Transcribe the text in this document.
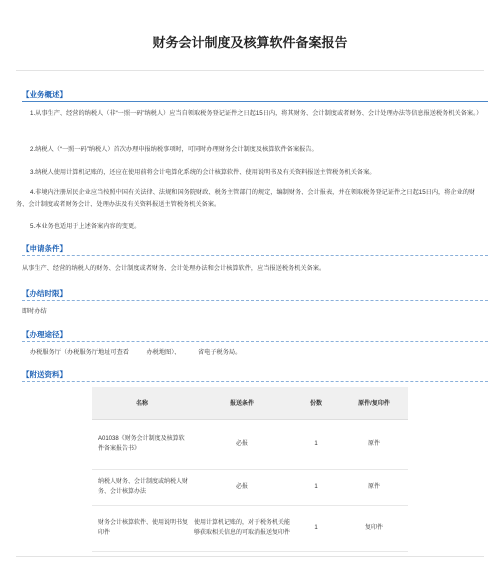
财务会计制度及核算软件备案报告
【业务概述】
1.从事生产、经营的纳税人（非“一照一码”纳税人）应当自领取税务登记证件之日起15日内，将其财务、会计制度或者财务、会计处理办法等信息报送税务机关备案。）
2.纳税人（“一照一码”纳税人）首次办理申报纳税事项时，可同时办理财务会计制度及核算软件备案报告。
3.纳税人使用计算机记账的，还应在使用前将会计电算化系统的会计核算软件、使用说明书及有关资料报送主管税务机关备案。
4.非境内注册居民企业应当按照中国有关法律、法规和国务院财政、税务主管部门的规定，编制财务、会计报表，并在领取税务登记证件之日起15日内，将企业的财务、会计制度或者财务会计、处理办法及有关资料报送主管税务机关备案。
5.本业务也适用于上述备案内容的变更。
【申请条件】
从事生产、经营的纳税人的财务、会计制度或者财务、会计处理办法和会计核算软件，应当报送税务机关备案。
【办结时限】
即时办结
【办理途径】
办税服务厅（办税服务厅地址可查看	办税地图）、	省电子税务局。
【附送资料】
名称	报送条件	份数	原件/复印件
A01038《财务会计制度及核算软件备案报告书》	必报	1	原件
纳税人财务、会计制度或纳税人财务、会计核算办法	必报	1	原件
财务会计核算软件、使用说明书复印件	使用计算机记账的，对于税务机关能够获取相关信息的可取消报送复印件	1	复印件
